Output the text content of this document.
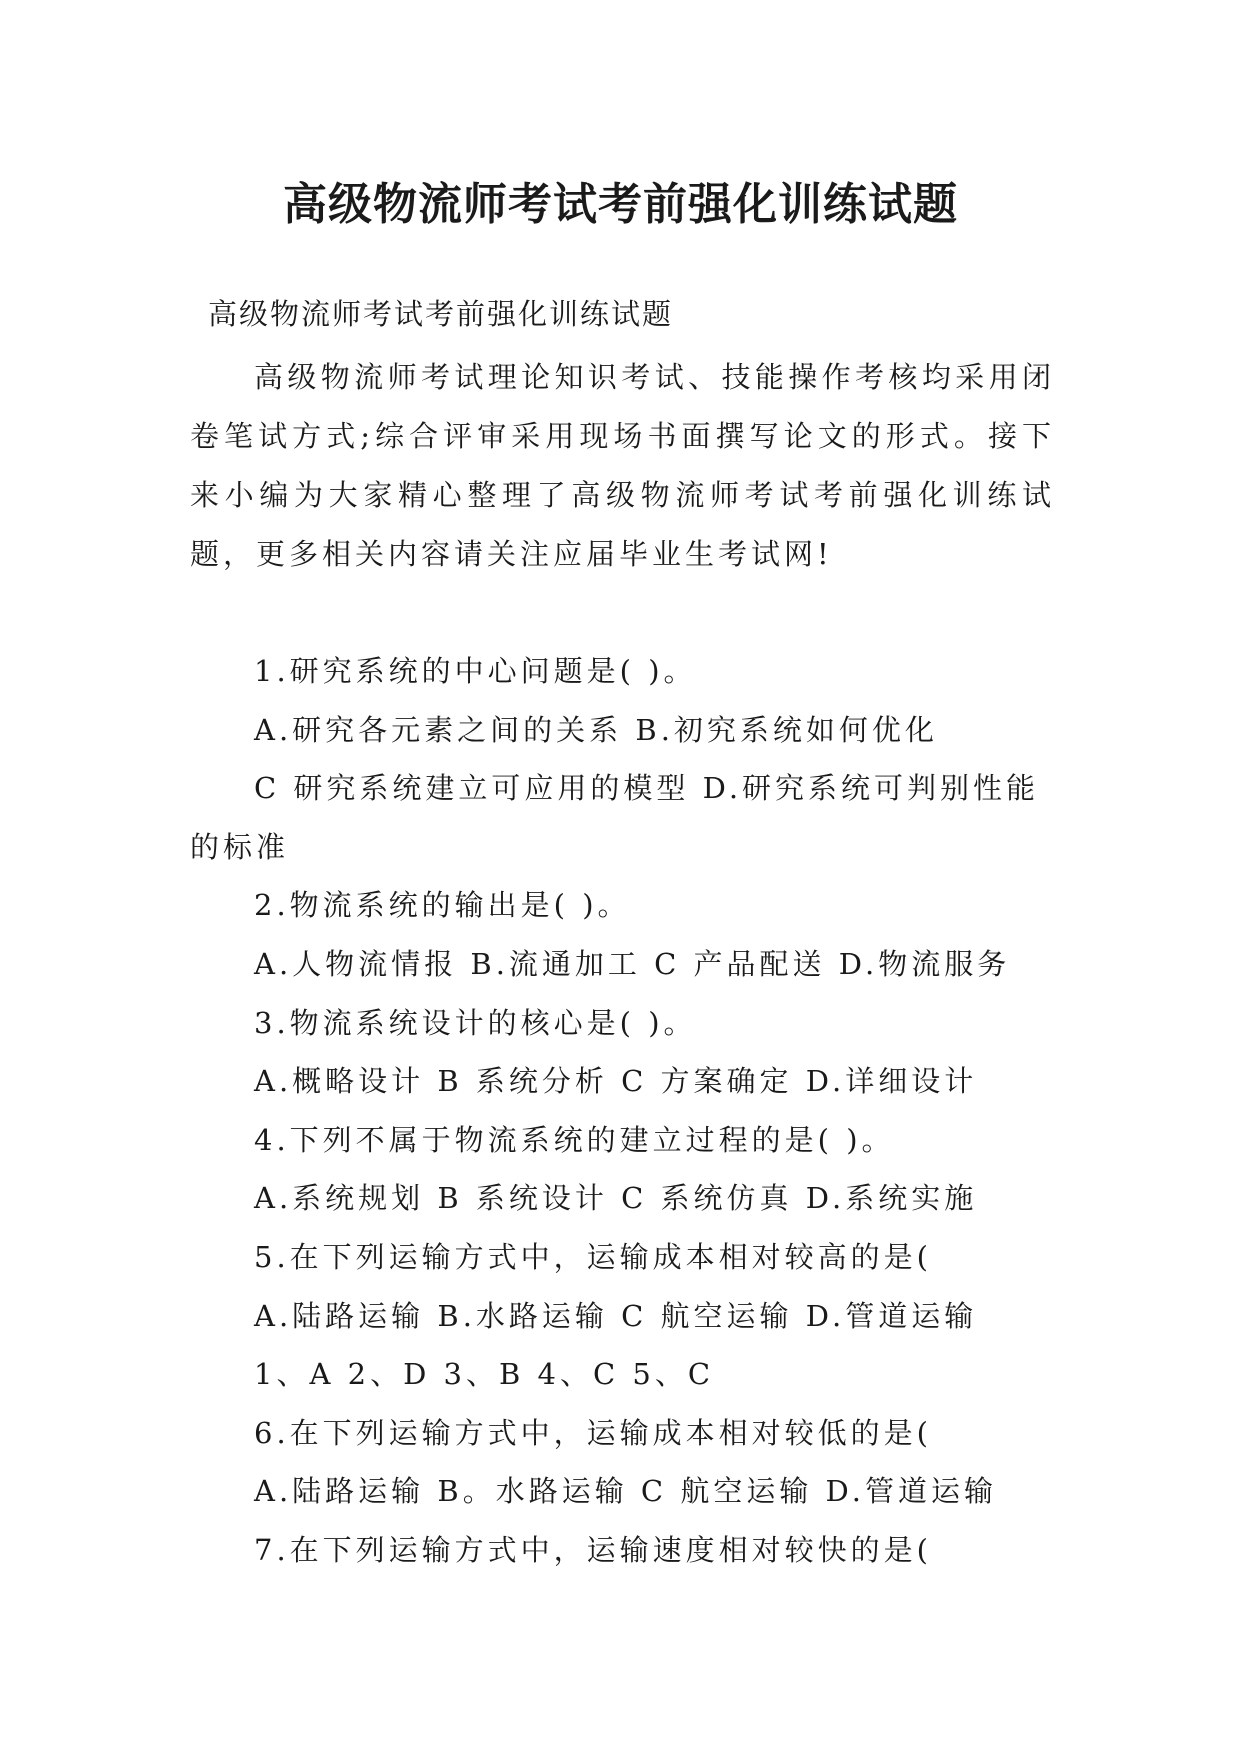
高级物流师考试考前强化训练试题
高级物流师考试考前强化训练试题

高级物流师考试理论知识考试、技能操作考核均采用闭卷笔试方式;综合评审采用现场书面撰写论文的形式。接下来小编为大家精心整理了高级物流师考试考前强化训练试题，更多相关内容请关注应届毕业生考试网!

1.研究系统的中心问题是( )。
A.研究各元素之间的关系 B.初究系统如何优化
C 研究系统建立可应用的模型 D.研究系统可判别性能的标准
2.物流系统的输出是( )。
A.人物流情报 B.流通加工 C 产品配送 D.物流服务
3.物流系统设计的核心是( )。
A.概略设计 B 系统分析 C 方案确定 D.详细设计
4.下列不属于物流系统的建立过程的是( )。
A.系统规划 B 系统设计 C 系统仿真 D.系统实施
5.在下列运输方式中，运输成本相对较高的是(
A.陆路运输 B.水路运输 C 航空运输 D.管道运输
1、A 2、D 3、B 4、C 5、C
6.在下列运输方式中，运输成本相对较低的是(
A.陆路运输 B。水路运输 C 航空运输 D.管道运输
7.在下列运输方式中，运输速度相对较快的是(
